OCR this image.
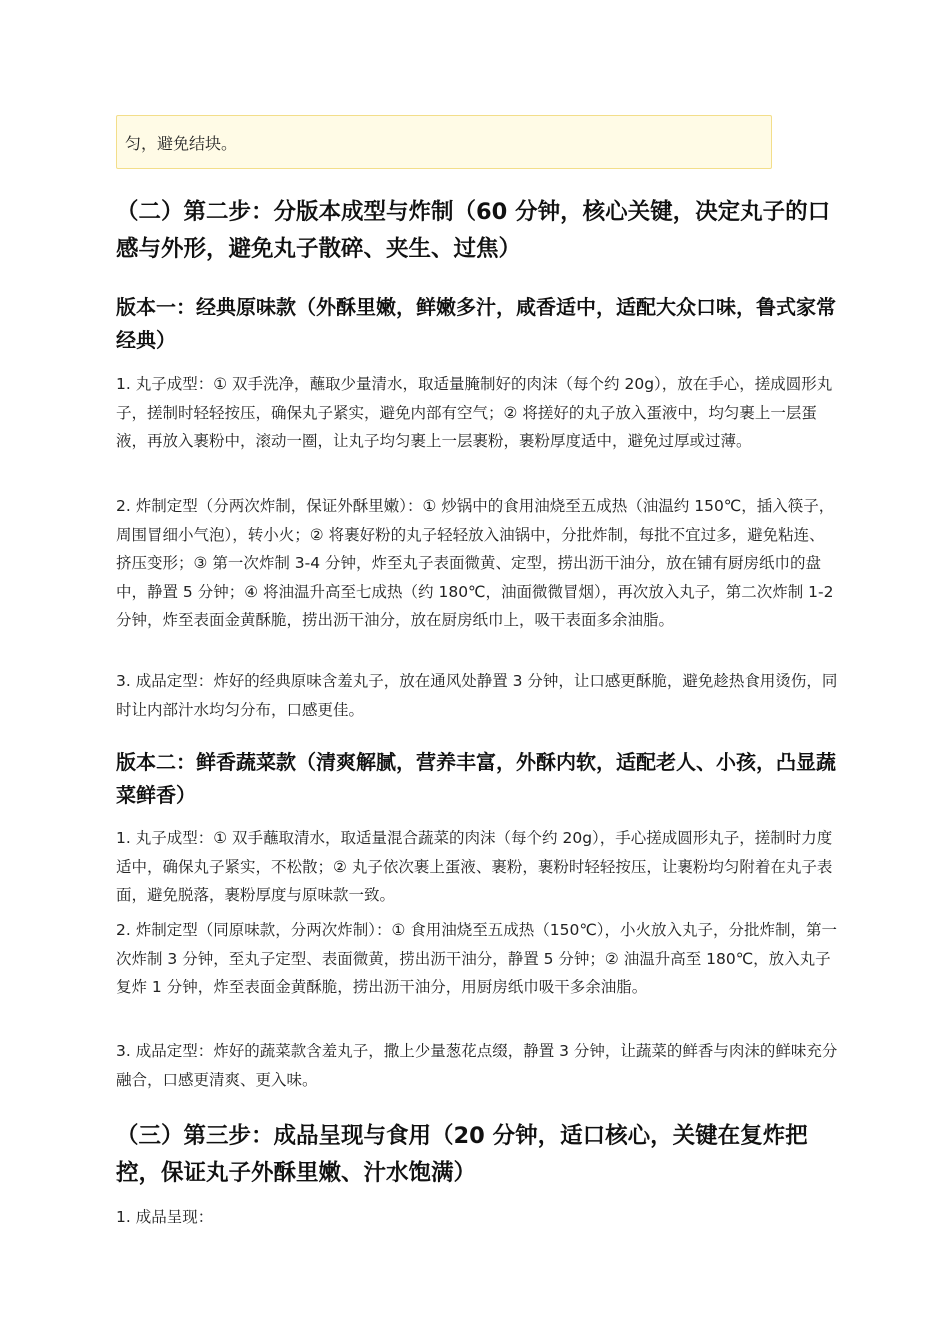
匀，避免结块。
（二）第二步：分版本成型与炸制（60 分钟，核心关键，决定丸子的口感与外形，避免丸子散碎、夹生、过焦）
版本一：经典原味款（外酥里嫩，鲜嫩多汁，咸香适中，适配大众口味，鲁式家常经典）

1. 丸子成型：① 双手洗净，蘸取少量清水，取适量腌制好的肉沫（每个约 20g），放在手心，搓成圆形丸子，搓制时轻轻按压，确保丸子紧实，避免内部有空气；② 将搓好的丸子放入蛋液中，均匀裹上一层蛋液，再放入裹粉中，滚动一圈，让丸子均匀裹上一层裹粉，裹粉厚度适中，避免过厚或过薄。

2. 炸制定型（分两次炸制，保证外酥里嫩）：① 炒锅中的食用油烧至五成热（油温约 150℃，插入筷子，周围冒细小气泡），转小火；② 将裹好粉的丸子轻轻放入油锅中，分批炸制，每批不宜过多，避免粘连、挤压变形；③ 第一次炸制 3-4 分钟，炸至丸子表面微黄、定型，捞出沥干油分，放在铺有厨房纸巾的盘中，静置 5 分钟；④ 将油温升高至七成热（约 180℃，油面微微冒烟），再次放入丸子，第二次炸制 1-2 分钟，炸至表面金黄酥脆，捞出沥干油分，放在厨房纸巾上，吸干表面多余油脂。

3. 成品定型：炸好的经典原味含羞丸子，放在通风处静置 3 分钟，让口感更酥脆，避免趁热食用烫伤，同时让内部汁水均匀分布，口感更佳。

版本二：鲜香蔬菜款（清爽解腻，营养丰富，外酥内软，适配老人、小孩，凸显蔬菜鲜香）

1. 丸子成型：① 双手蘸取清水，取适量混合蔬菜的肉沫（每个约 20g），手心搓成圆形丸子，搓制时力度适中，确保丸子紧实，不松散；② 丸子依次裹上蛋液、裹粉，裹粉时轻轻按压，让裹粉均匀附着在丸子表面，避免脱落，裹粉厚度与原味款一致。

2. 炸制定型（同原味款，分两次炸制）：① 食用油烧至五成热（150℃），小火放入丸子，分批炸制，第一次炸制 3 分钟，至丸子定型、表面微黄，捞出沥干油分，静置 5 分钟；② 油温升高至 180℃，放入丸子复炸 1 分钟，炸至表面金黄酥脆，捞出沥干油分，用厨房纸巾吸干多余油脂。

3. 成品定型：炸好的蔬菜款含羞丸子，撒上少量葱花点缀，静置 3 分钟，让蔬菜的鲜香与肉沫的鲜味充分融合，口感更清爽、更入味。

（三）第三步：成品呈现与食用（20 分钟，适口核心，关键在复炸把控，保证丸子外酥里嫩、汁水饱满）

1. 成品呈现：
